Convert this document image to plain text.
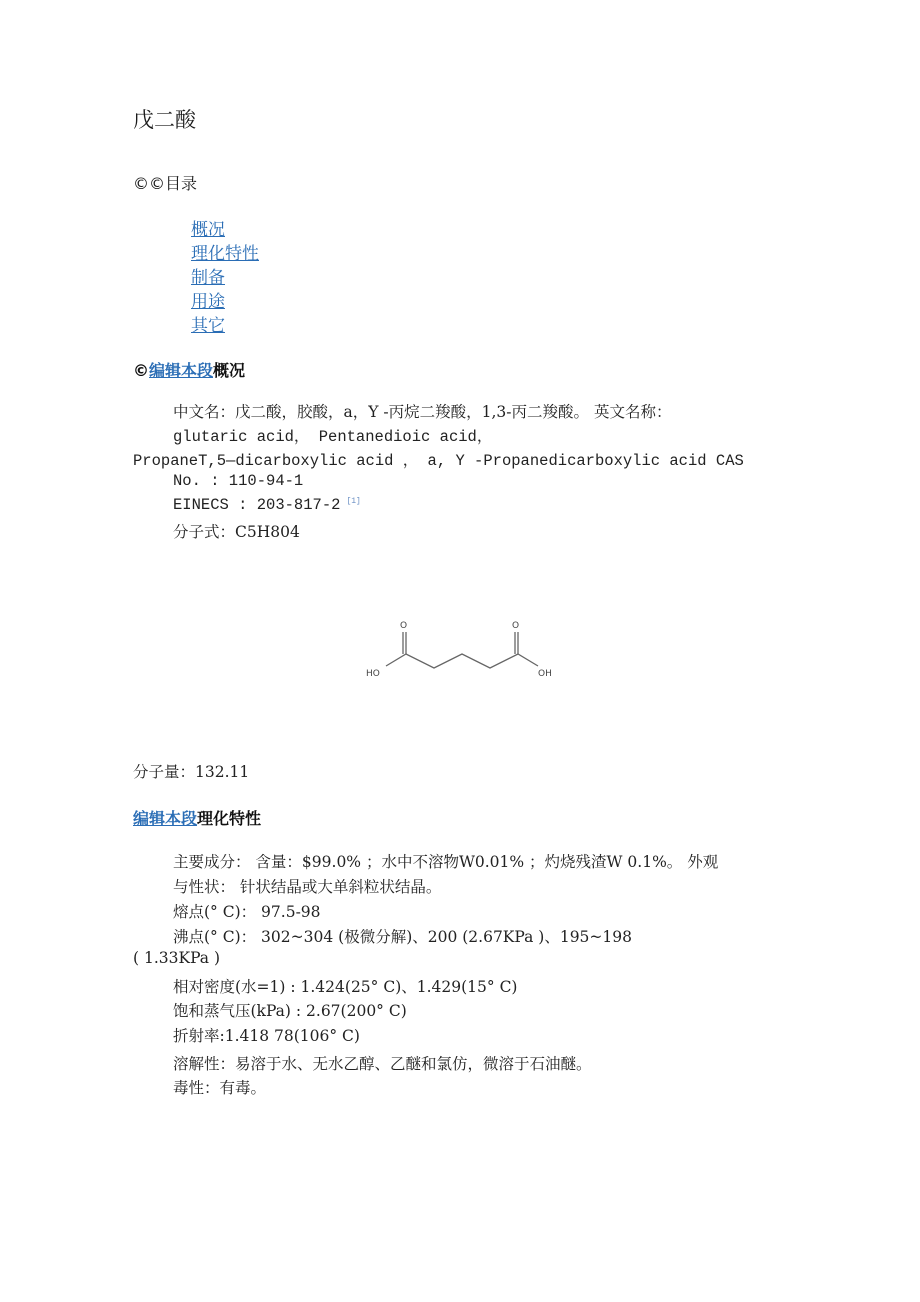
戊二酸
©©目录
概况
理化特性
制备
用途
其它
©编辑本段概况
中文名：戊二酸，胶酸，a，Y -丙烷二羧酸，1,3-丙二羧酸。 英文名称：
glutaric acid， Pentanedioic acid，
PropaneT,5—dicarboxylic acid ， a, Y -Propanedicarboxylic acid CAS
No. : 110-94-1
EINECS : 203-817-2 [1]
分子式：C5H804
O	O
HO	OH
分子量：132.11
编辑本段理化特性
主要成分： 含量：$99.0% ；水中不溶物W0.01% ；灼烧残渣W 0.1%。 外观
与性状： 针状结晶或大单斜粒状结晶。
熔点(° C)： 97.5-98
沸点(° C)： 302~304 (极微分解)、200 (2.67KPa )、195~198
( 1.33KPa )
相对密度(水=1) : 1.424(25° C)、1.429(15° C)
饱和蒸气压(kPa) : 2.67(200° C)
折射率:1.418 78(106° C)
溶解性：易溶于水、无水乙醇、乙醚和氯仿，微溶于石油醚。
毒性：有毒。
